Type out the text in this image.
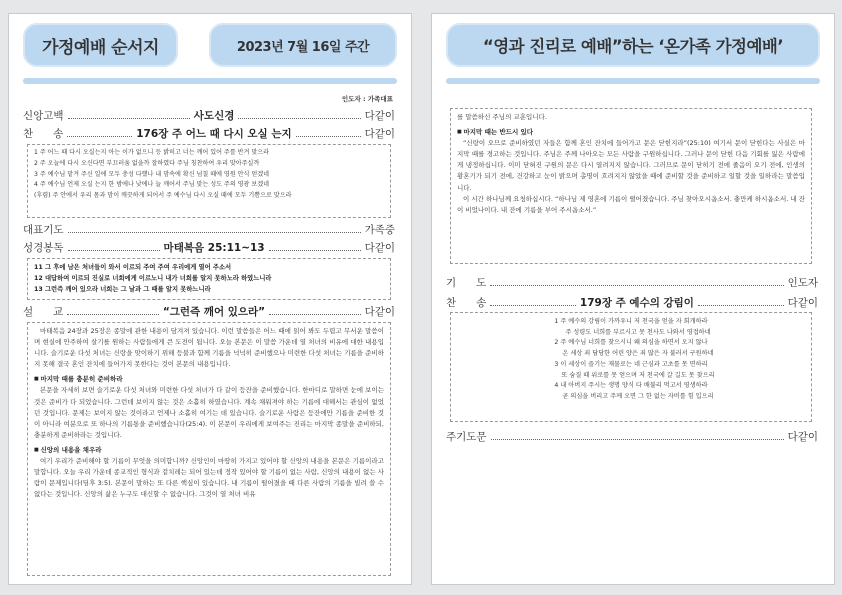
가정예배 순서지	2023년 7월 16일 주간
인도자 : 가족대표
신앙고백	사도신경	다같이
찬      송	176장 주 어느 때 다시 오실 는지	다같이
1 주 어느 때 다시 오실는지 아는 이가 없으니 등 밝히고 너는 깨어 있어 주를 반겨 맞으라
2 주 오늘에 다시 오신다면 부끄러움 없을까 잘하였다 주님 칭찬하여 우리 맞아주실까
3 주 예수님 맡겨 주신 일에 모두 충성 다했나 내 맘속에 확신 넘칠 때에 영원 안식 얻겠네
4 주 예수님 언제 오실 는지 한 밤에나 낮에나 늘 깨어서 주님 맞는 성도 주의 영광 보겠네
(후렴) 주 안에서 우리 몸과 맘이 깨끗하게 되어서 주 예수님 다시 오실 때에 모두 기쁨으로 맞으라
대표기도	가족중
성경봉독	마태복음 25:11~13	다같이
11 그 후에 남은 처녀들이 와서 이르되 주여 주여 우리에게 열어 주소서
12 대답하여 이르되 진실로 너희에게 이르노니 내가 너희를 알지 못하노라 하였느니라
13 그런즉 깨어 있으라 너희는 그 날과 그 때를 알지 못하느니라
설      교	“그런즉 깨어 있으라”	다같이

마태복음 24장과 25장은 종말에 관한 내용이 담겨져 있습니다. 이런 말씀들은 어느 때에 읽어 봐도 두렵고 무서운 말씀이며 현실에 안주하여 살기를 원하는 사람들에게 큰 도전이 됩니다. 오늘 본문은 이 말씀 가운데 열 처녀의 비유에 대한 내용입니다. 슬기로운 다섯 처녀는 신랑을 맞이하기 위해 등불과 함께 기름을 넉넉히 준비했으나 미련한 다섯 처녀는 기름을 준비하지 못해 결국 혼인 잔치에 들어가지 못한다는 것이 본문의 내용입니다.

■ 마지막 때를 충분히 준비하라

본문을 자세히 보면 슬기로운 다섯 처녀와 미련한 다섯 처녀가 다 같이 등잔을 준비했습니다. 한마디로 말하면 눈에 보이는 것은 준비가 다 되었습니다. 그런데 보이지 않는 것은 소홀히 하였습니다. 계속 채워져야 하는 기름에 대해서는 관심이 없었던 것입니다. 문제는 보이지 않는 것이라고 언제나 소홀히 여기는 데 있습니다. 슬기로운 사람은 등잔에만 기름을 준비한 것이 아니라 여분으로 또 하나의 기름통을 준비했습니다(25:4). 이 본문이 우리에게 보여주는 진리는 마지막 종말을 준비하되, 충분하게 준비하라는 것입니다.

■ 신앙의 내용을 채우라

여기 우리가 준비해야 할 기름이 무엇을 의미합니까? 신앙인이 마땅히 가지고 있어야 할 신앙의 내용을 본문은 기름이라고 말합니다. 오늘 우리 가운데 종교적인 형식과 겉치레는 되어 있는데 정작 있어야 할 기름이 없는 사람, 신앙의 내용이 없는 사람이 문제입니다(딤후 3:5). 본문이 말하는 또 다른 핵심이 있습니다. 내 기름이 떨어졌을 때 다른 사람의 기름을 빌려 쓸 수 없다는 것입니다. 신앙의 삶은 누구도 대신할 수 없습니다. 그것이 열 처녀 비유

“영과 진리로 예배”하는 ‘온가족 가정예배’
를 말씀하신 주님의 교훈입니다.
■ 마지막 때는 반드시 있다

“신랑이 오므로 준비하였던 자들은 함께 혼인 잔치에 들어가고 문은 닫힌지라”(25:10) 여기서 문이 닫힌다는 사실은 마지막 때를 경고하는 것입니다. 주님은 주께 나아오는 모든 사람을 구원하십니다. 그러나 문이 닫힌 다음 기회를 잃은 사람에게 냉정하십니다. 이미 닫혀진 구원의 문은 다시 열려지지 않습니다. 그러므로 문이 닫히기 전에 줄음이 오기 전에, 인생의 황혼기가 되기 전에, 건강하고 눈이 밝으며 총명이 흐려지지 않았을 때에 준비할 것을 준비하고 일할 것을 일하라는 말씀입니다.

이 시간 하나님께 요청하십시다. “하나님 제 영혼에 기름이 떨어졌습니다. 주님 찾아오시옵소서. 충만케 하시옵소서. 내 잔이 비었나이다. 내 잔에 기름을 부어 주시옵소서.”

기      도	인도자
찬      송	179장 주 예수의 강림이	다같이
1 주 예수의 강림이 가까우니 저 천국을 얻을 자 회개하라
주 성령도 너희를 부르시고 못 천사도 나와서 영접하네
2 주 예수님 너희를 찾으시니 왜 의심을 하면서 오지 않나
온 세상 죄 담당한 어린 양은 죄 많은 자 불러서 구원하네
3 이 세상이 즐기는 재물로는 네 근심과 고초를 못 면하리
또 숨질 때 위로를 못 얻으며 저 천국에 갈 길도 못 찾으리
4 내 아버지 주시는 생명 양식 다 배불리 먹고서 영생하라
곧 의심을 버리고 주께 오면 그 한 없는 자비를 힘 입으리
주기도문	다같이
